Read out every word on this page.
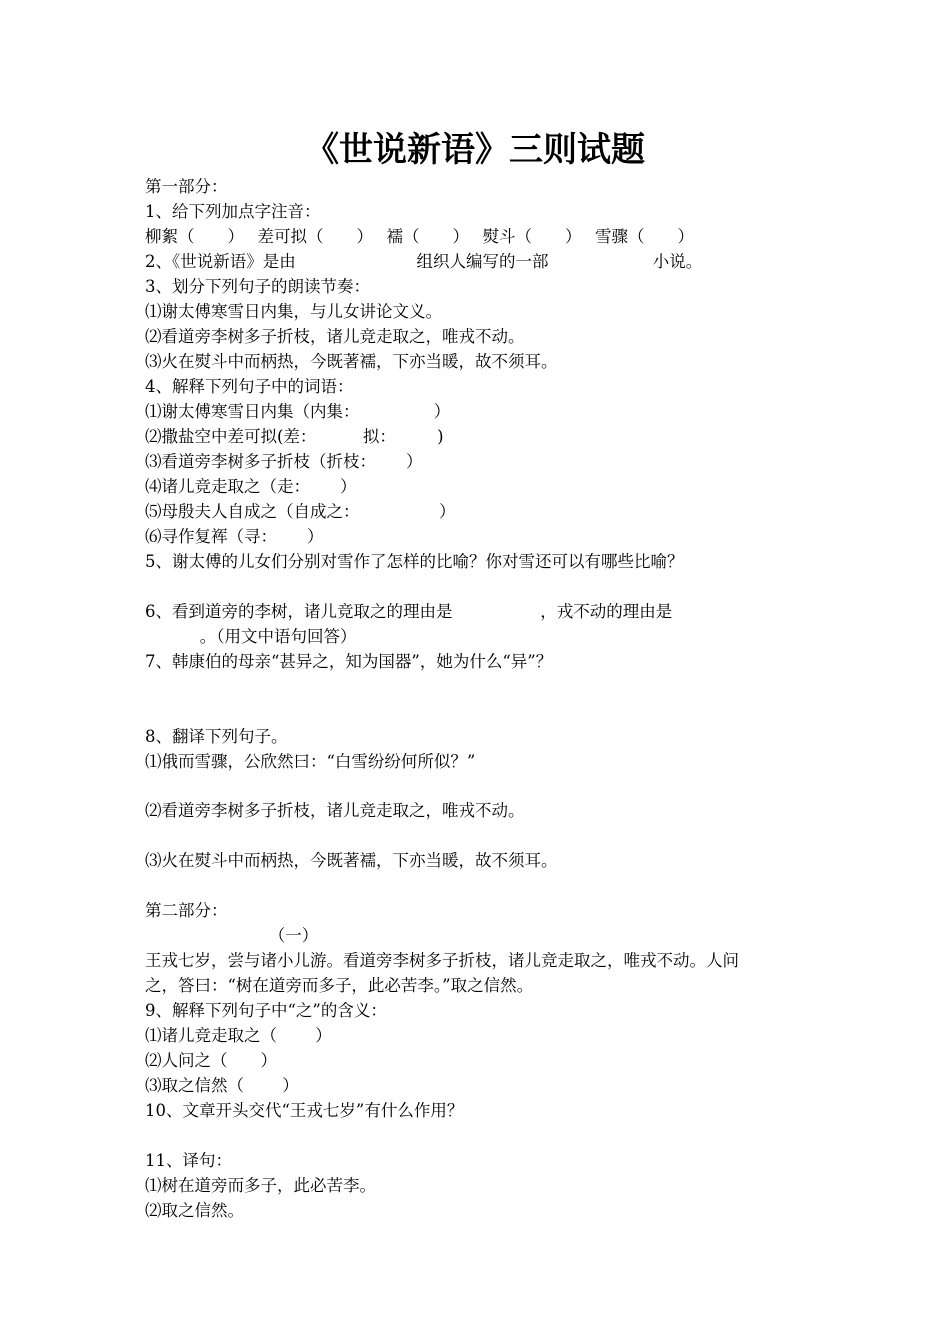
《世说新语》三则试题
第一部分：
1、给下列加点字注音：
柳絮（　　）　 差可拟（　　）　 襦（　　）　 熨斗（　　）　 雪骤（　　）
2、《世说新语》是由　　　　　　　 组织人编写的一部　　　　　　 小说。
3、划分下列句子的朗读节奏：
⑴谢太傅寒雪日内集，与儿女讲论文义。
⑵看道旁李树多子折枝，诸儿竞走取之，唯戎不动。
⑶火在熨斗中而柄热，今既著襦，下亦当暖，故不须耳。
4、解释下列句子中的词语：
⑴谢太傅寒雪日内集（内集：　　　　　）
⑵撒盐空中差可拟(差：　　　 拟：　　　)
⑶看道旁李树多子折枝（折枝：　　 ）
⑷诸儿竞走取之（走：　　 ）
⑸母殷夫人自成之（自成之：　　　　　 ）
⑹寻作复裈（寻：　　 ）
5、谢太傅的儿女们分别对雪作了怎样的比喻？你对雪还可以有哪些比喻？
6、看到道旁的李树，诸儿竞取之的理由是　　　　　 ，戎不动的理由是
　　　 。（用文中语句回答）
7、韩康伯的母亲“甚异之，知为国器”，她为什么“异”？
8、翻译下列句子。
⑴俄而雪骤，公欣然曰：“白雪纷纷何所似？”
⑵看道旁李树多子折枝，诸儿竞走取之，唯戎不动。
⑶火在熨斗中而柄热，今既著襦，下亦当暖，故不须耳。
第二部分：
　　　　　　　　（一）
王戎七岁，尝与诸小儿游。看道旁李树多子折枝，诸儿竞走取之，唯戎不动。人问
之，答曰：“树在道旁而多子，此必苦李。”取之信然。
9、解释下列句子中“之”的含义：
⑴诸儿竞走取之（　　 ）
⑵人问之（　　）
⑶取之信然（　　 ）
10、文章开头交代“王戎七岁”有什么作用？
11、译句：
⑴树在道旁而多子，此必苦李。
⑵取之信然。
